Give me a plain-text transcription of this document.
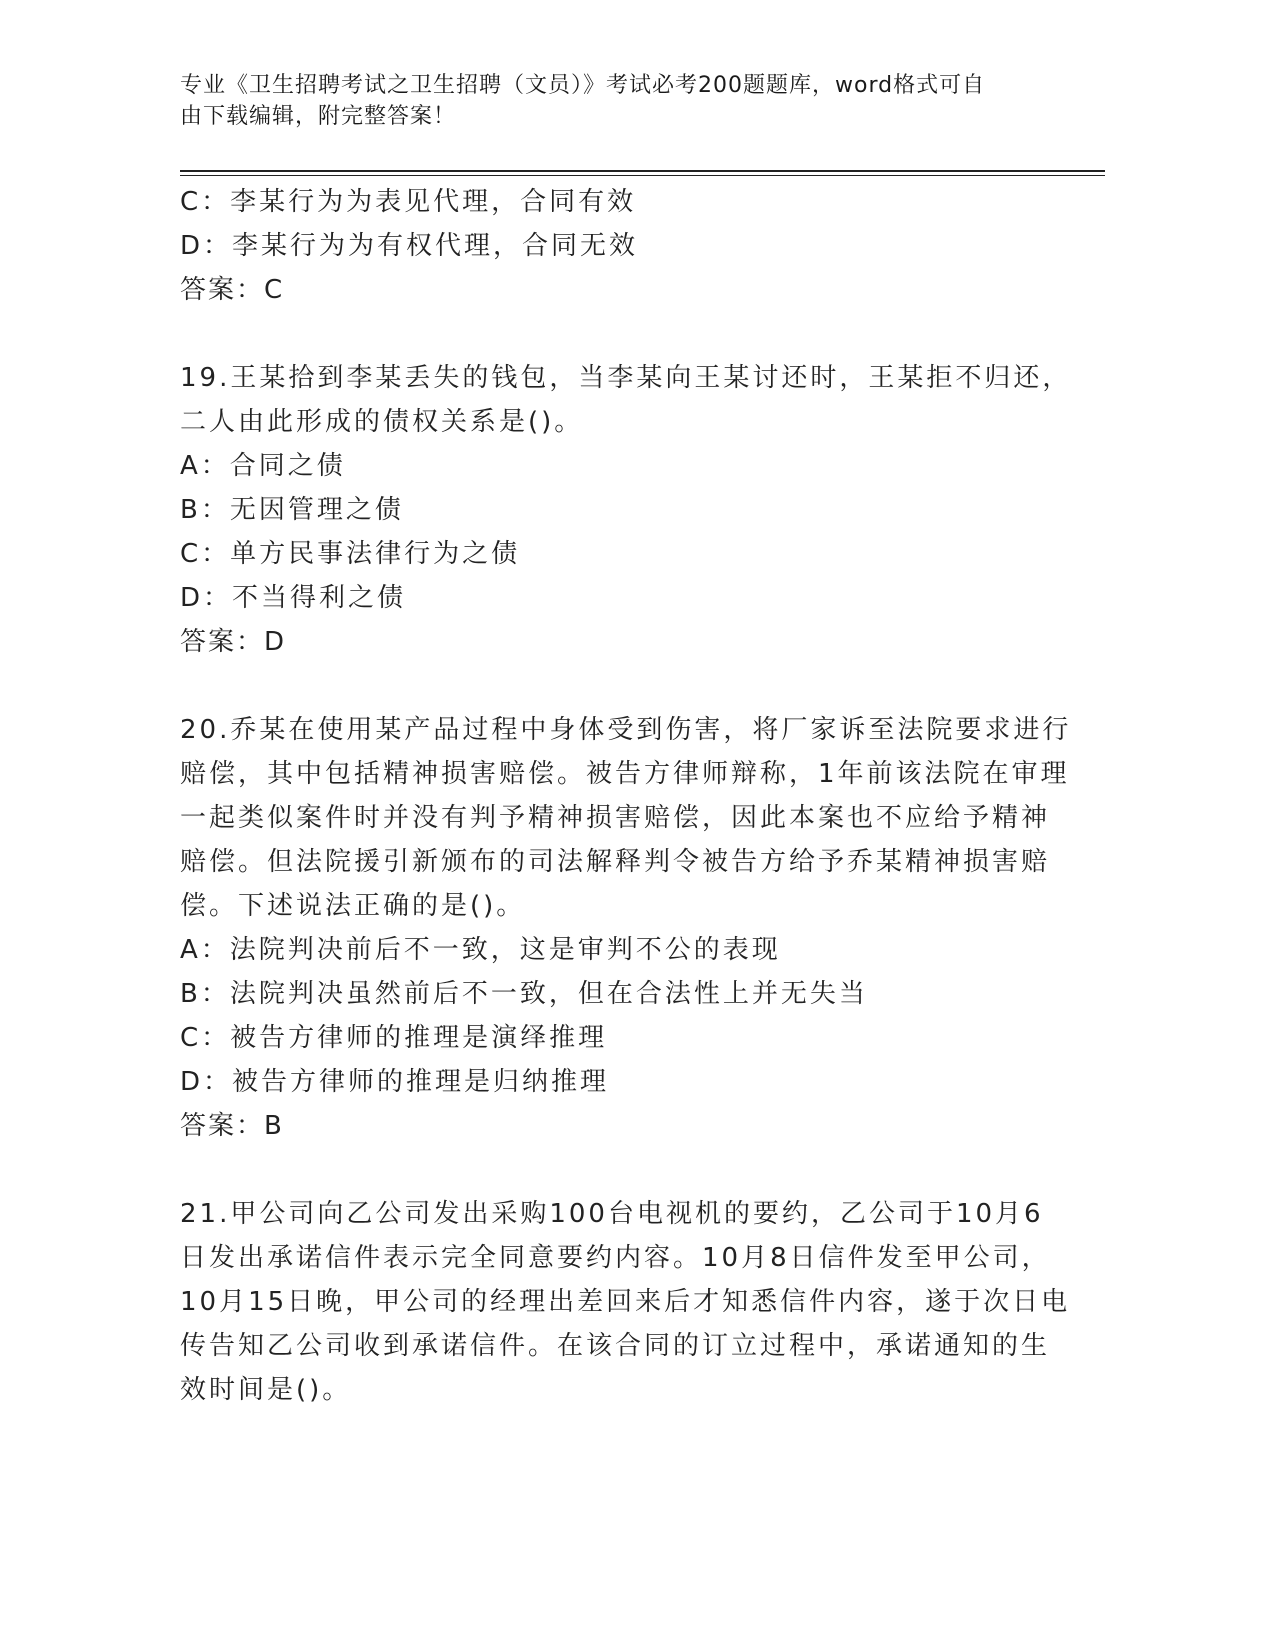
专业《卫生招聘考试之卫生招聘（文员）》考试必考200题题库，word格式可自
由下载编辑，附完整答案！
C：李某行为为表见代理，合同有效
D：李某行为为有权代理，合同无效
答案：C
19.王某拾到李某丢失的钱包，当李某向王某讨还时，王某拒不归还，
二人由此形成的债权关系是()。
A：合同之债
B：无因管理之债
C：单方民事法律行为之债
D：不当得利之债
答案：D
20.乔某在使用某产品过程中身体受到伤害，将厂家诉至法院要求进行
赔偿，其中包括精神损害赔偿。被告方律师辩称，1年前该法院在审理
一起类似案件时并没有判予精神损害赔偿，因此本案也不应给予精神
赔偿。但法院援引新颁布的司法解释判令被告方给予乔某精神损害赔
偿。下述说法正确的是()。
A：法院判决前后不一致，这是审判不公的表现
B：法院判决虽然前后不一致，但在合法性上并无失当
C：被告方律师的推理是演绎推理
D：被告方律师的推理是归纳推理
答案：B
21.甲公司向乙公司发出采购100台电视机的要约，乙公司于10月6
日发出承诺信件表示完全同意要约内容。10月8日信件发至甲公司，
10月15日晚，甲公司的经理出差回来后才知悉信件内容，遂于次日电
传告知乙公司收到承诺信件。在该合同的订立过程中，承诺通知的生
效时间是()。
